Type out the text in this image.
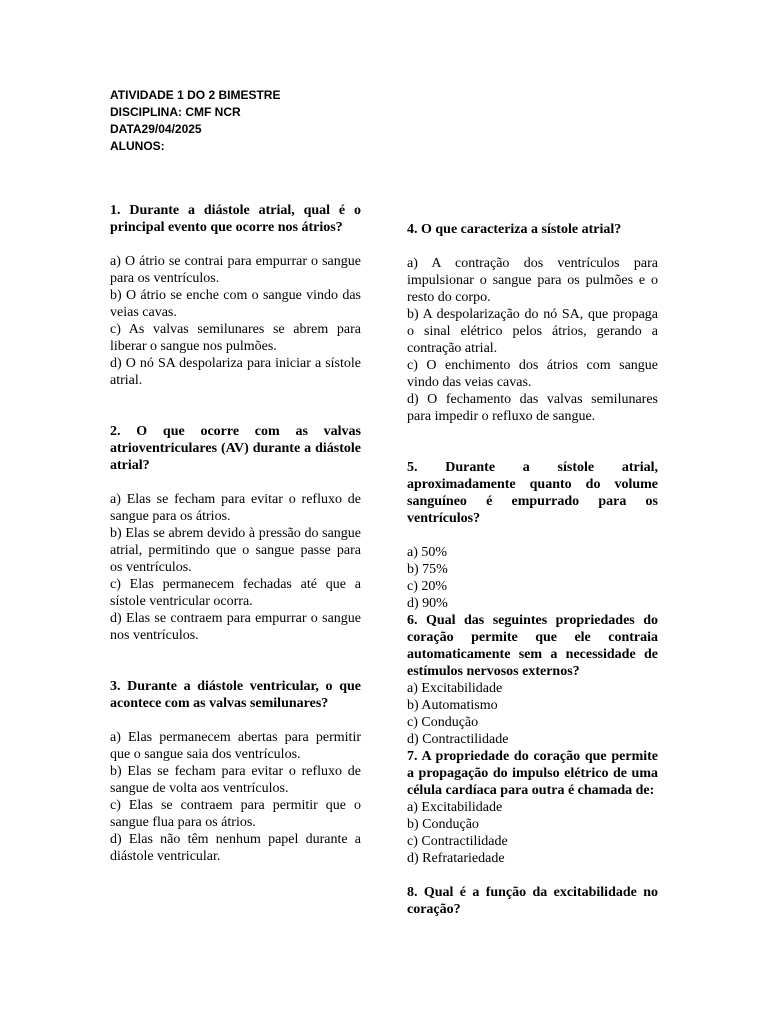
ATIVIDADE 1 DO 2 BIMESTRE
DISCIPLINA: CMF NCR
DATA29/04/2025
ALUNOS:

1. Durante a diástole atrial, qual é o principal evento que ocorre nos átrios?

a) O átrio se contrai para empurrar o sangue para os ventrículos.

b) O átrio se enche com o sangue vindo das veias cavas.

c) As valvas semilunares se abrem para liberar o sangue nos pulmões.

d) O nó SA despolariza para iniciar a sístole atrial.

2. O que ocorre com as valvas atrioventriculares (AV) durante a diástole atrial?

a) Elas se fecham para evitar o refluxo de sangue para os átrios.

b) Elas se abrem devido à pressão do sangue atrial, permitindo que o sangue passe para os ventrículos.

c) Elas permanecem fechadas até que a sístole ventricular ocorra.

d) Elas se contraem para empurrar o sangue nos ventrículos.

3. Durante a diástole ventricular, o que acontece com as valvas semilunares?

a) Elas permanecem abertas para permitir que o sangue saia dos ventrículos.

b) Elas se fecham para evitar o refluxo de sangue de volta aos ventrículos.

c) Elas se contraem para permitir que o sangue flua para os átrios.

d) Elas não têm nenhum papel durante a diástole ventricular.

4. O que caracteriza a sístole atrial?

a) A contração dos ventrículos para impulsionar o sangue para os pulmões e o resto do corpo.

b) A despolarização do nó SA, que propaga o sinal elétrico pelos átrios, gerando a contração atrial.

c) O enchimento dos átrios com sangue vindo das veias cavas.

d) O fechamento das valvas semilunares para impedir o refluxo de sangue.

5. Durante a sístole atrial, aproximadamente quanto do volume sanguíneo é empurrado para os ventrículos?

a) 50%

b) 75%

c) 20%

d) 90%

6. Qual das seguintes propriedades do coração permite que ele contraia automaticamente sem a necessidade de estímulos nervosos externos?

a) Excitabilidade

b) Automatismo

c) Condução

d) Contractilidade

7. A propriedade do coração que permite a propagação do impulso elétrico de uma célula cardíaca para outra é chamada de:

a) Excitabilidade

b) Condução

c) Contractilidade

d) Refratariedade

8. Qual é a função da excitabilidade no coração?
